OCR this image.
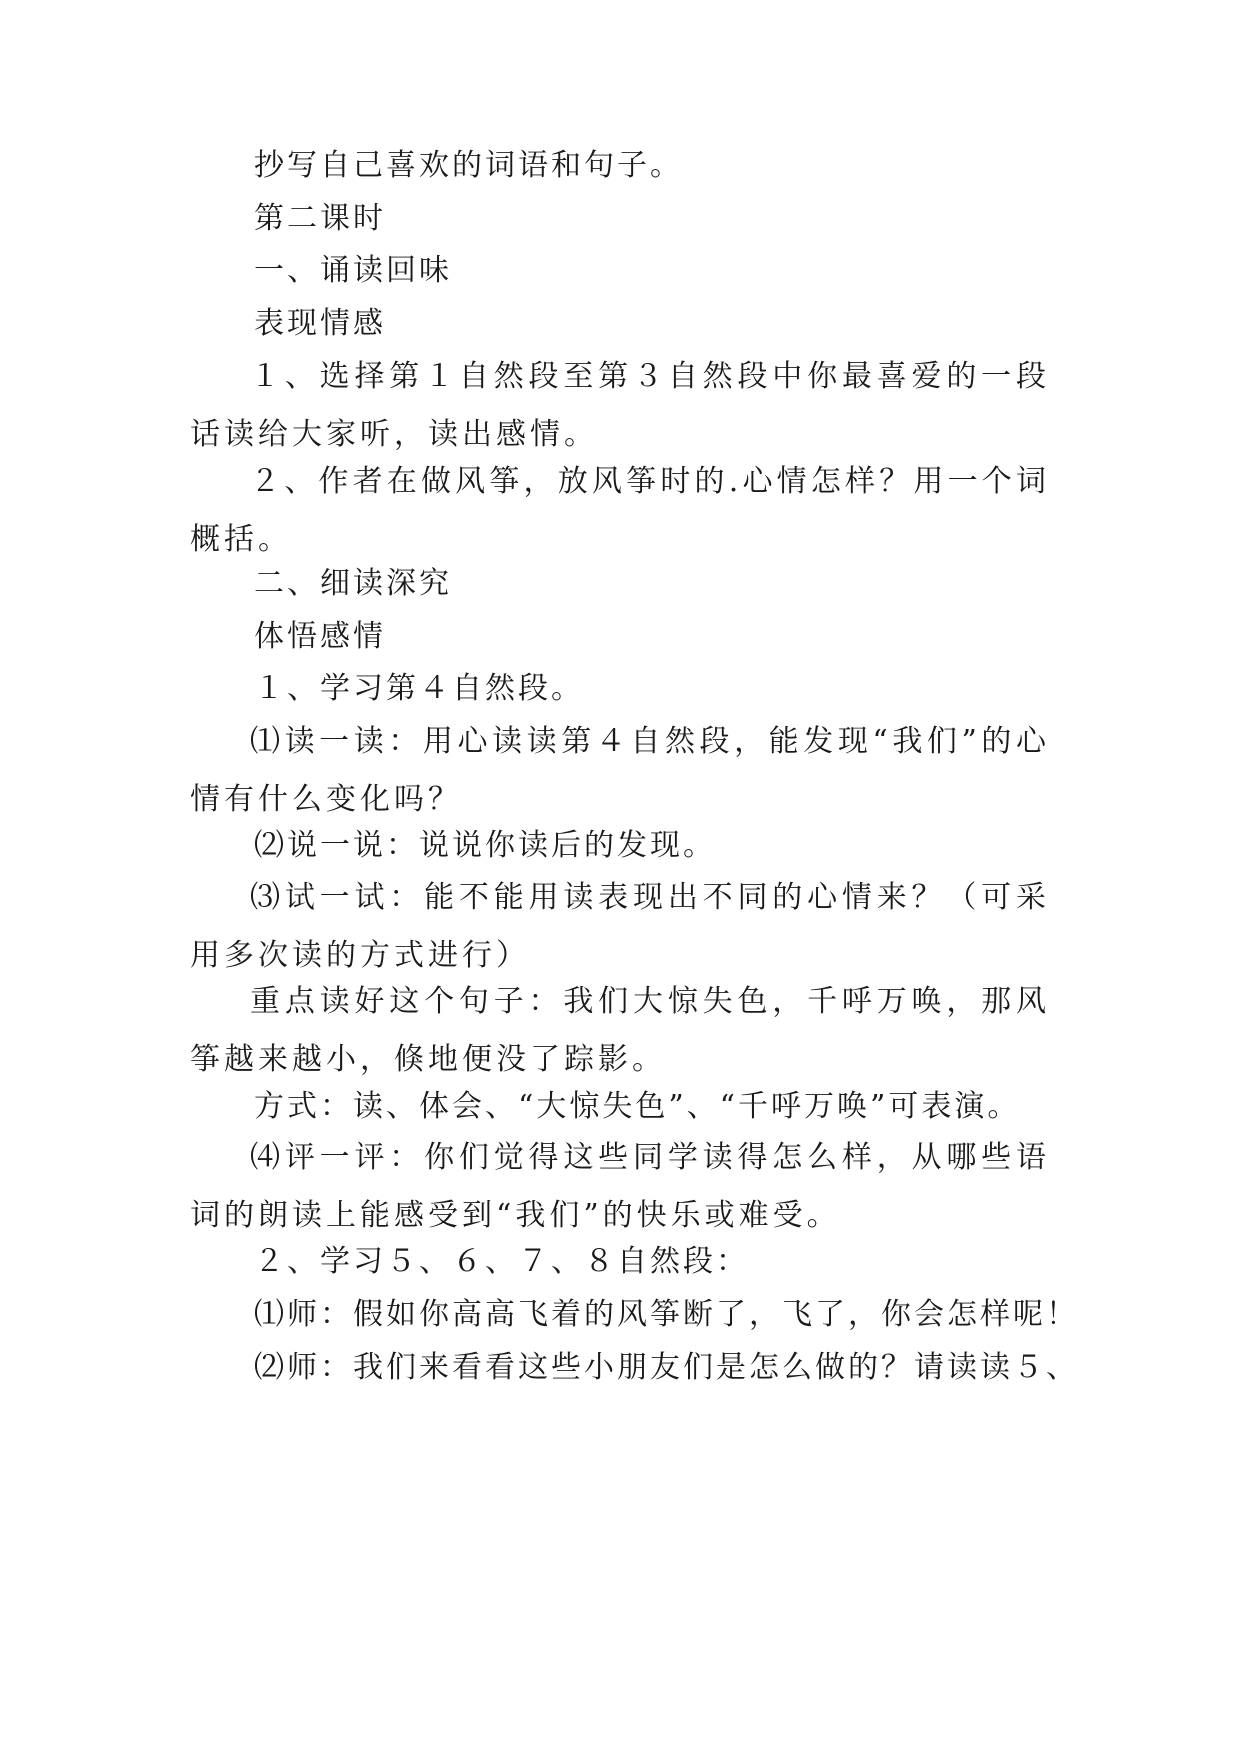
抄写自己喜欢的词语和句子。
第二课时
一、诵读回味
表现情感
１、选择第１自然段至第３自然段中你最喜爱的一段话读给大家听，读出感情。
２、作者在做风筝，放风筝时的.心情怎样？用一个词概括。
二、细读深究
体悟感情
１、学习第４自然段。
⑴读一读：用心读读第４自然段，能发现“我们”的心情有什么变化吗？
⑵说一说：说说你读后的发现。
⑶试一试：能不能用读表现出不同的心情来？（可采用多次读的方式进行）
重点读好这个句子：我们大惊失色，千呼万唤，那风筝越来越小，倏地便没了踪影。
方式：读、体会、“大惊失色”、“千呼万唤”可表演。
⑷评一评：你们觉得这些同学读得怎么样，从哪些语词的朗读上能感受到“我们”的快乐或难受。
２、学习５、６、７、８自然段：
⑴师：假如你高高飞着的风筝断了，飞了，你会怎样呢！
⑵师：我们来看看这些小朋友们是怎么做的？请读读５、
